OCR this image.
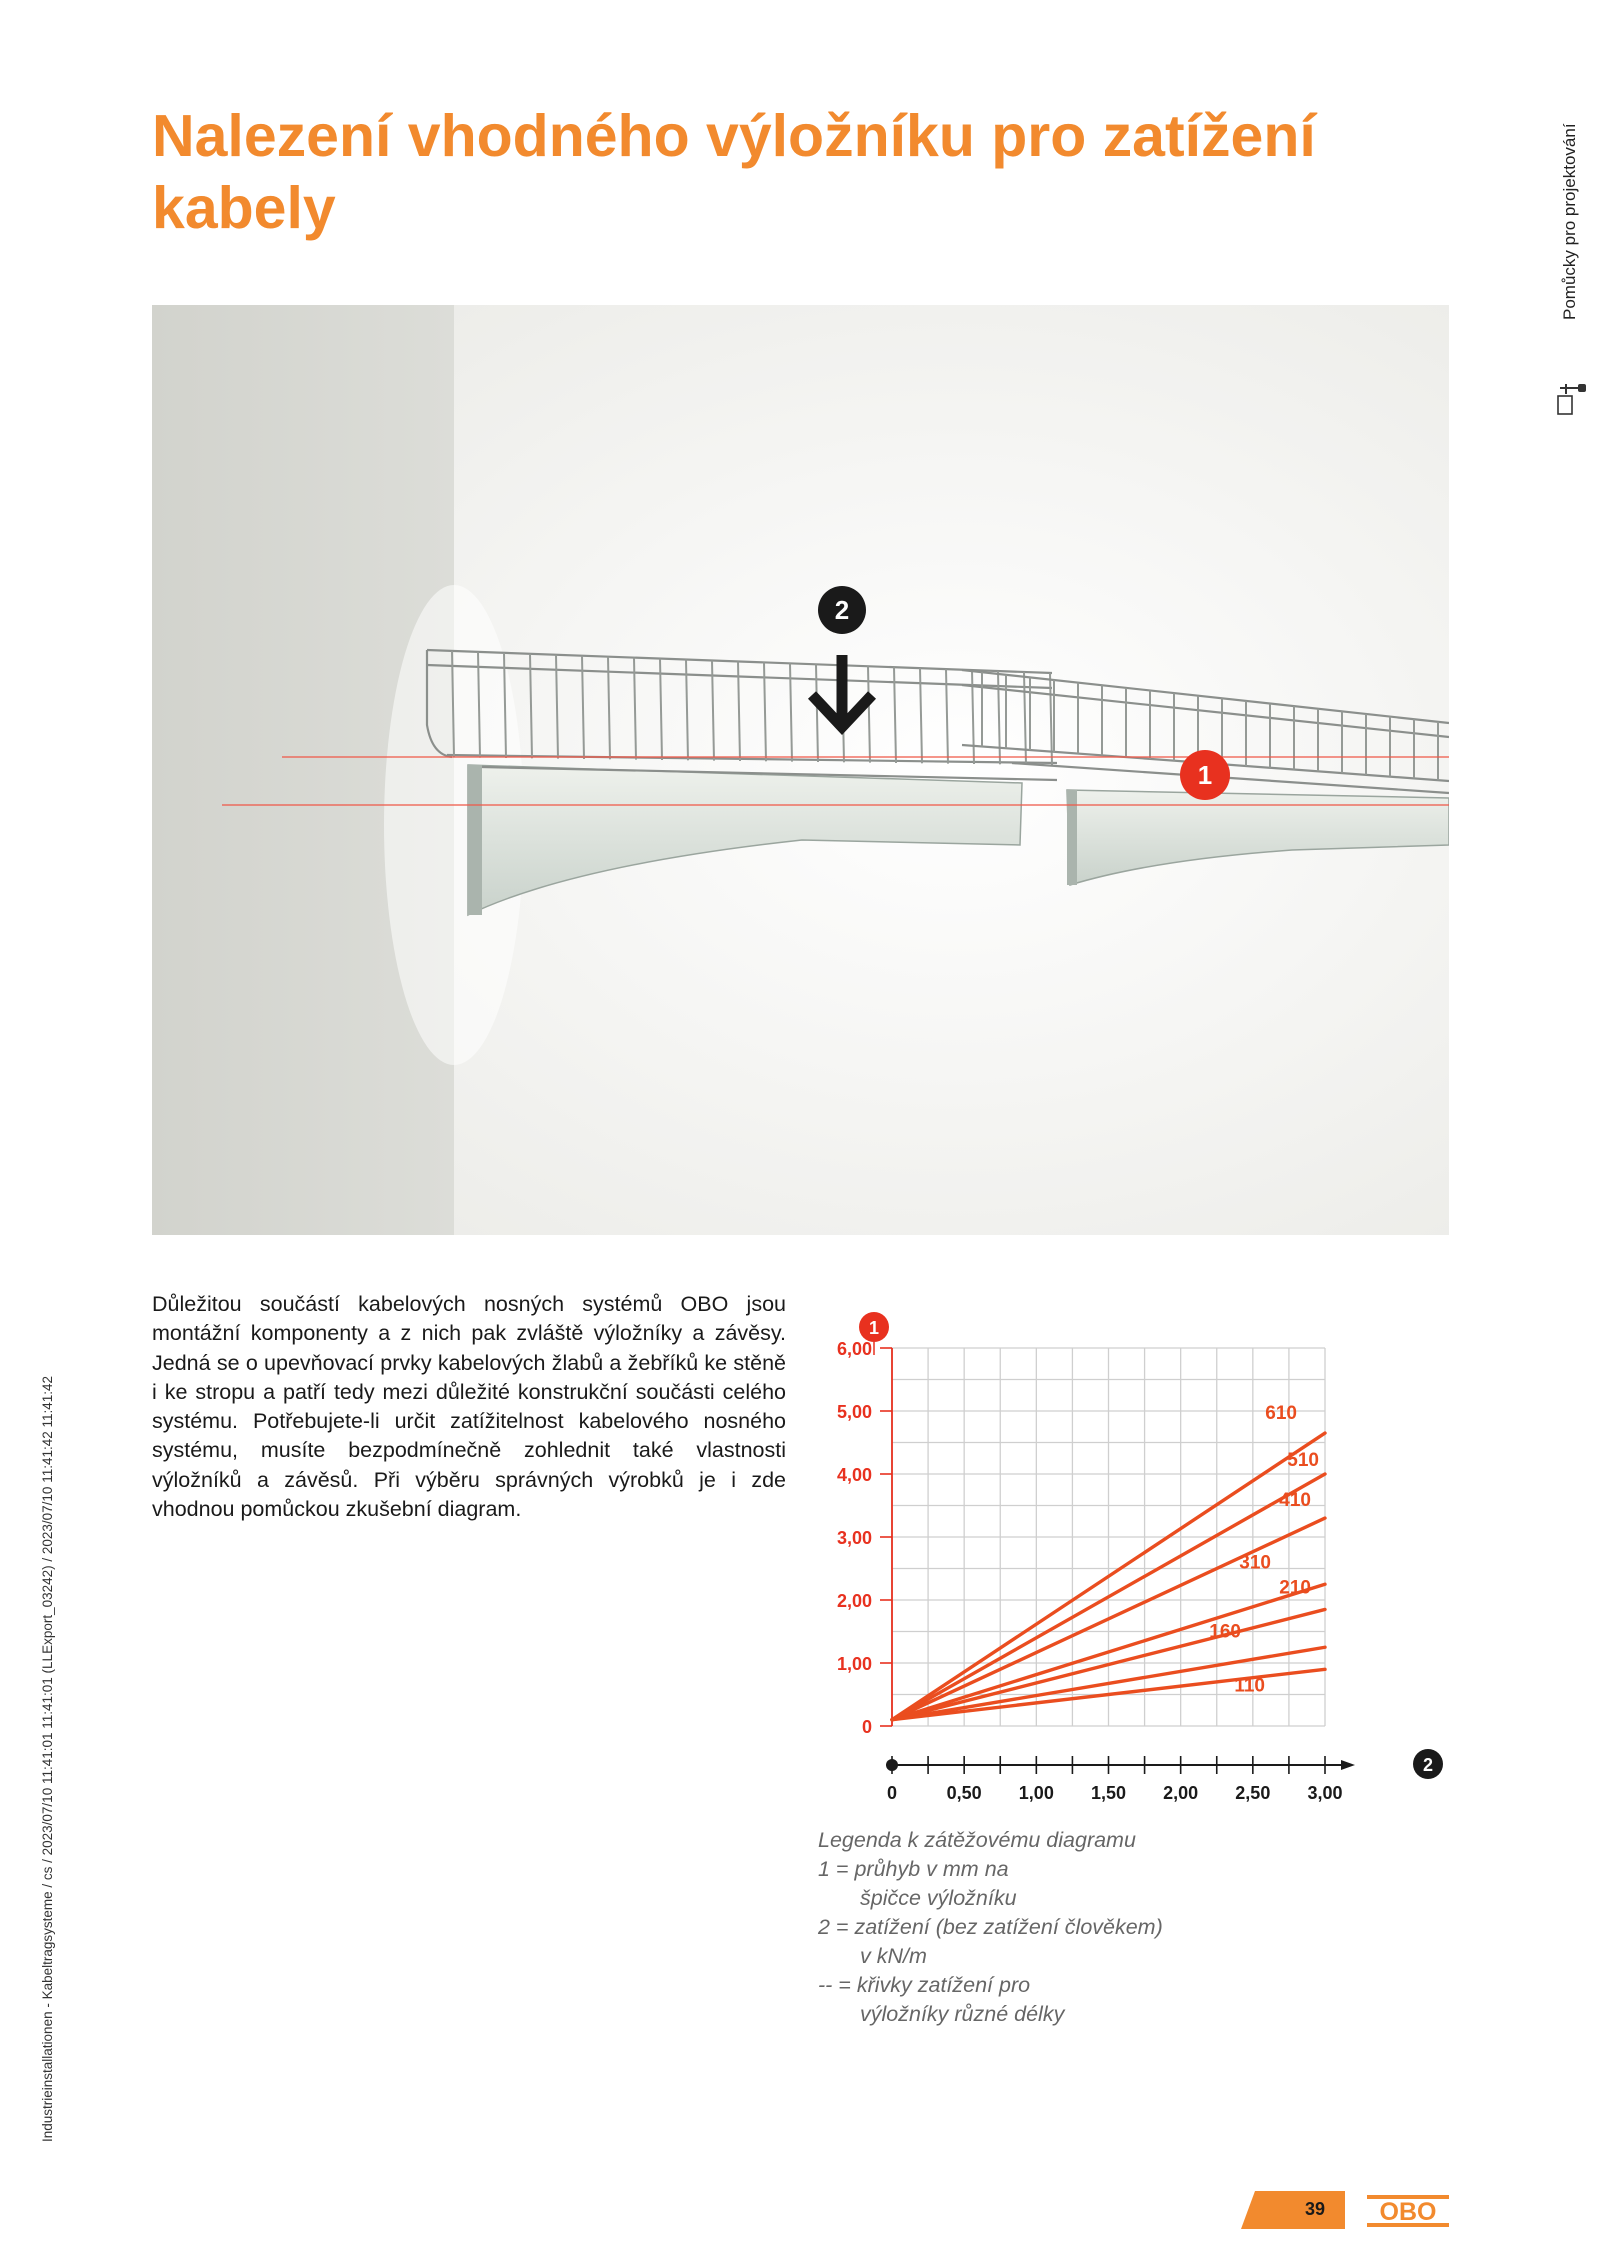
Nalezení vhodného výložníku pro zatížení kabely	Pomůcky pro projektování
Industrieinstallationen - Kabeltragsysteme / cs / 2023/07/10 11:41:01 11:41:01 (LLExport_03242) / 2023/07/10 11:41:42 11:41:42
2
1

Důležitou součástí kabelových nosných systémů OBO jsou montážní komponenty a z nich pak zvláště výložníky a závěsy. Jedná se o upevňovací prvky kabelových žlabů a žebříků ke stěně i ke stropu a patří tedy mezi důležité konstrukční součásti celého systému. Potřebujete-li určit zatížitelnost kabelového nosného systému, musíte bezpodmínečně zohlednit také vlastnosti výložníků a závěsů. Při výběru správných výrobků je i zde vhodnou pomůckou zkušební diagram.

0
1,00
2,00
3,00
4,00
5,00
6,00
0	0,50 1,00 1,50 2,00 2,50 3,00
610
510
410
310
210
160
110
1
2
Legenda k zátěžovému diagramu
1 = průhyb v mm na
špičce výložníku
2 = zatížení (bez zatížení člověkem)
v kN/m
-- = křivky zatížení pro
výložníky různé délky
39	OBO
